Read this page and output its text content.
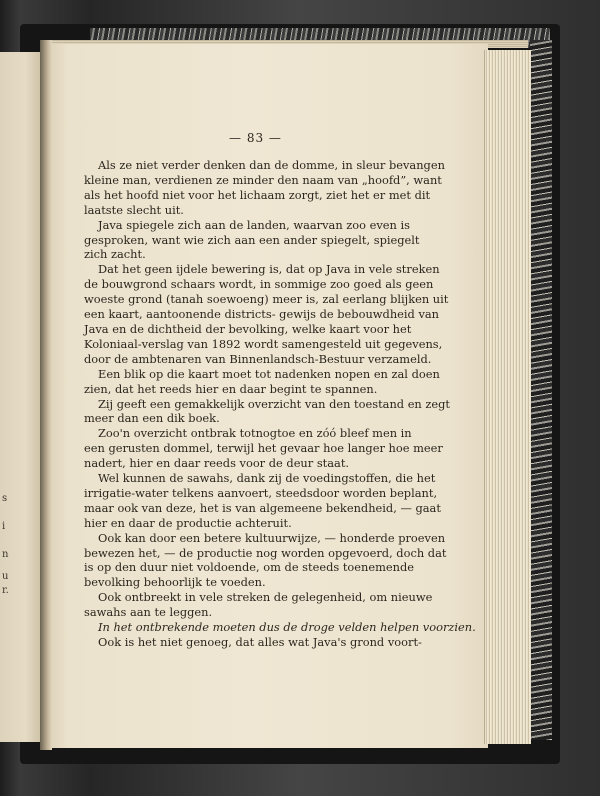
s
i
n
u
r.
— 83 —
Als ze niet verder denken dan de domme, in sleur bevangen
kleine man, verdienen ze minder den naam van „hoofd”, want
als het hoofd niet voor het lichaam zorgt, ziet het er met dit
laatste slecht uit.
Java spiegele zich aan de landen, waarvan zoo even is
gesproken, want wie zich aan een ander spiegelt, spiegelt
zich zacht.
Dat het geen ijdele bewering is, dat op Java in vele streken
de bouwgrond schaars wordt, in sommige zoo goed als geen
woeste grond (tanah soewoeng) meer is, zal eerlang blijken uit
een kaart, aantoonende districts- gewijs de bebouwdheid van
Java en de dichtheid der bevolking, welke kaart voor het
Koloniaal-verslag van 1892 wordt samengesteld uit gegevens,
door de ambtenaren van Binnenlandsch-Bestuur verzameld.
Een blik op die kaart moet tot nadenken nopen en zal doen
zien, dat het reeds hier en daar begint te spannen.
Zij geeft een gemakkelijk overzicht van den toestand en zegt
meer dan een dik boek.
Zoo'n overzicht ontbrak totnogtoe en zóó bleef men in
een gerusten dommel, terwijl het gevaar hoe langer hoe meer
nadert, hier en daar reeds voor de deur staat.
Wel kunnen de sawahs, dank zij de voedingstoffen, die het
irrigatie-water telkens aanvoert, steedsdoor worden beplant,
maar ook van deze, het is van algemeene bekendheid, — gaat
hier en daar de productie achteruit.
Ook kan door een betere kultuurwijze, — honderde proeven
bewezen het, — de productie nog worden opgevoerd, doch dat
is op den duur niet voldoende, om de steeds toenemende
bevolking behoorlijk te voeden.
Ook ontbreekt in vele streken de gelegenheid, om nieuwe
sawahs aan te leggen.
In het ontbrekende moeten dus de droge velden helpen voorzien.
Ook is het niet genoeg, dat alles wat Java's grond voort-
